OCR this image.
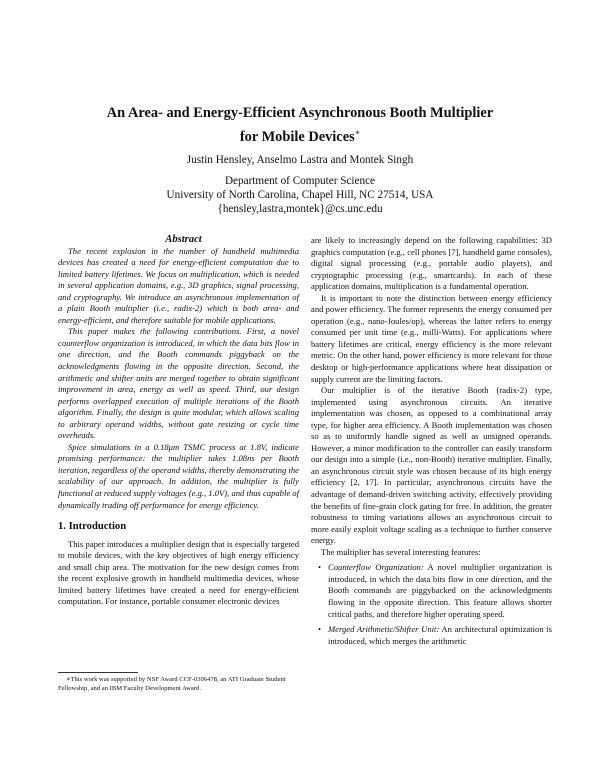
An Area- and Energy-Efficient Asynchronous Booth Multiplier
for Mobile Devices∗
Justin Hensley, Anselmo Lastra and Montek Singh
Department of Computer Science
University of North Carolina, Chapel Hill, NC 27514, USA
{hensley,lastra,montek}@cs.unc.edu

Abstract

The recent explosion in the number of handheld multimedia devices has created a need for energy-efficient computation due to limited battery lifetimes. We focus on multiplication, which is needed in several application domains, e.g., 3D graphics, signal processing, and cryptography. We introduce an asynchronous implementation of a plain Booth multiplier (i.e., radix-2) which is both area- and energy-efficient, and therefore suitable for mobile applications.

This paper makes the following contributions. First, a novel counterflow organization is introduced, in which the data bits flow in one direction, and the Booth commands piggyback on the acknowledgments flowing in the opposite direction. Second, the arithmetic and shifter units are merged together to obtain significant improvement in area, energy as well as speed. Third, our design performs overlapped execution of multiple iterations of the Booth algorithm. Finally, the design is quite modular, which allows scaling to arbitrary operand widths, without gate resizing or cycle time overheads.

Spice simulations in a 0.18μm TSMC process at 1.8V, indicate promising performance: the multiplier takes 1.08ns per Booth iteration, regardless of the operand widths, thereby demonstrating the scalability of our approach. In addition, the multiplier is fully functional at reduced supply voltages (e.g., 1.0V), and thus capable of dynamically trading off performance for energy efficiency.

1. Introduction

This paper introduces a multiplier design that is especially targeted to mobile devices, with the key objectives of high energy efficiency and small chip area. The motivation for the new design comes from the recent explosive growth in handheld multimedia devices, whose limited battery lifetimes have created a need for energy-efficient computation. For instance, portable consumer electronic devices

∗This work was supported by NSF Award CCF-0306478, an ATI Graduate Student Fellowship, and an IBM Faculty Development Award.

are likely to increasingly depend on the following capabilities: 3D graphics computation (e.g., cell phones [7], handheld game consoles), digital signal processing (e.g., portable audio players), and cryptographic processing (e.g., smartcards). In each of these application domains, multiplication is a fundamental operation.

It is important to note the distinction between energy efficiency and power efficiency. The former represents the energy consumed per operation (e.g., nano-Joules/op), whereas the latter refers to energy consumed per unit time (e.g., milli-Watts). For applications where battery lifetimes are critical, energy efficiency is the more relevant metric. On the other hand, power efficiency is more relevant for those desktop or high-performance applications where heat dissipation or supply current are the limiting factors.

Our multiplier is of the iterative Booth (radix-2) type, implemented using asynchronous circuits. An iterative implementation was chosen, as opposed to a combinational array type, for higher area efficiency. A Booth implementation was chosen so as to uniformly handle signed as well as unsigned operands. However, a minor modification to the controller can easily transform our design into a simple (i.e., non-Booth) iterative multiplier. Finally, an asynchronous circuit style was chosen because of its high energy efficiency [2, 17]. In particular, asynchronous circuits have the advantage of demand-driven switching activity, effectively providing the benefits of fine-grain clock gating for free. In addition, the greater robustness to timing variations allows an asynchronous circuit to more easily exploit voltage scaling as a technique to further conserve energy.

The multiplier has several interesting features:

• Counterflow Organization: A novel multiplier organization is introduced, in which the data bits flow in one direction, and the Booth commands are piggybacked on the acknowledgments flowing in the opposite direction. This feature allows shorter critical paths, and therefore higher operating speed.
• Merged Arithmetic/Shifter Unit: An architectural optimization is introduced, which merges the arithmetic
